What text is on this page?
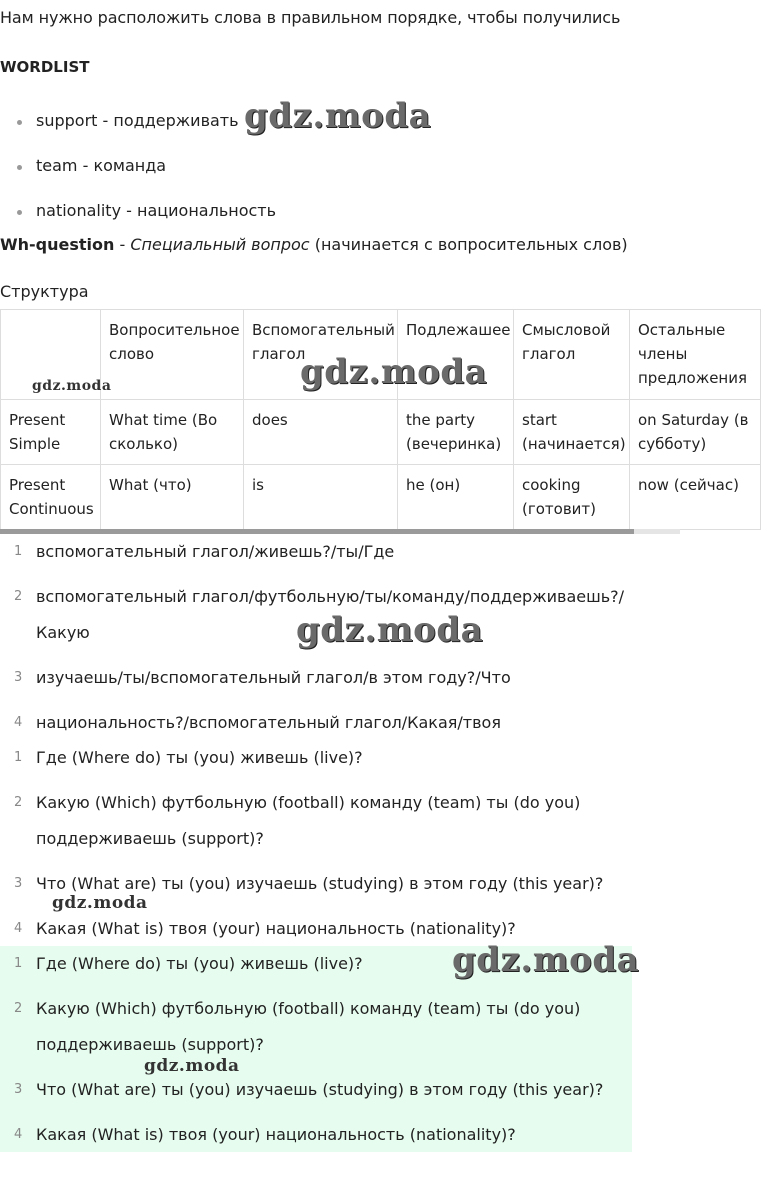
Нам нужно расположить слова в правильном порядке, чтобы получились
WORDLIST
support - поддерживать
team - команда
nationality - национальность
Wh-question - Специальный вопрос (начинается с вопросительных слов)
Структура
	Вопросительное слово	Вспомогательный глагол	Подлежашее	Смысловой глагол	Остальные члены предложения
Present Simple	What time (Во сколько)	does	the party (вечеринка)	start (начинается)	on Saturday (в субботу)
Present Continuous	What (что)	is	he (он)	cooking (готовит)	now (сейчас)
1 вспомогательный глагол/живешь?/ты/Где
2 вспомогательный глагол/футбольную/ты/команду/поддерживаешь?/
Какую
3 изучаешь/ты/вспомогательный глагол/в этом году?/Что
4 национальность?/вспомогательный глагол/Какая/твоя
1 Где (Where do) ты (you) живешь (live)?
2 Какую (Which) футбольную (football) команду (team) ты (do you)
поддерживаешь (support)?
3 Что (What are) ты (you) изучаешь (studying) в этом году (this year)?
4 Какая (What is) твоя (your) национальность (nationality)?
1 Где (Where do) ты (you) живешь (live)?
2 Какую (Which) футбольную (football) команду (team) ты (do you)
поддерживаешь (support)?
3 Что (What are) ты (you) изучаешь (studying) в этом году (this year)?
4 Какая (What is) твоя (your) национальность (nationality)?
gdz.moda
gdz.moda	gdz.moda
gdz.moda
gdz.moda
gdz.moda
gdz.moda
